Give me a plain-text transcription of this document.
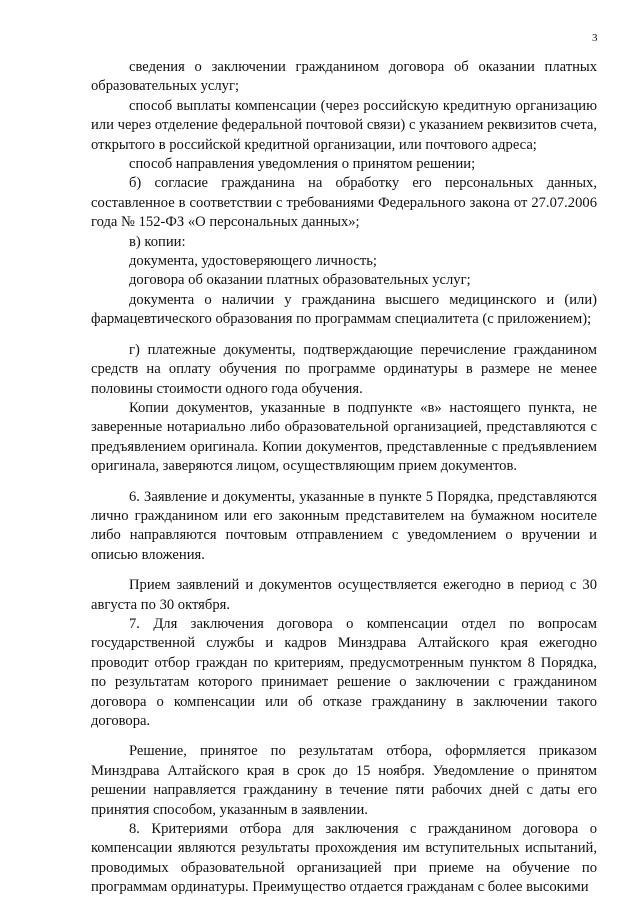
3

сведения о заключении гражданином договора об оказании платных образовательных услуг;

способ выплаты компенсации (через российскую кредитную организацию или через отделение федеральной почтовой связи) с указанием реквизитов счета, открытого в российской кредитной организации, или почтового адреса;

способ направления уведомления о принятом решении;

б) согласие гражданина на обработку его персональных данных, составленное в соответствии с требованиями Федерального закона от 27.07.2006 года № 152-ФЗ «О персональных данных»;

в) копии:

документа, удостоверяющего личность;

договора об оказании платных образовательных услуг;

документа о наличии у гражданина высшего медицинского и (или) фармацевтического образования по программам специалитета (с приложением);

г) платежные документы, подтверждающие перечисление гражданином средств на оплату обучения по программе ординатуры в размере не менее половины стоимости одного года обучения.

Копии документов, указанные в подпункте «в» настоящего пункта, не заверенные нотариально либо образовательной организацией, представляются с предъявлением оригинала. Копии документов, представленные с предъявлением оригинала, заверяются лицом, осуществляющим прием документов.

6. Заявление и документы, указанные в пункте 5 Порядка, представляются лично гражданином или его законным представителем на бумажном носителе либо направляются почтовым отправлением с уведомлением о вручении и описью вложения.

Прием заявлений и документов осуществляется ежегодно в период с 30 августа по 30 октября.

7. Для заключения договора о компенсации отдел по вопросам государственной службы и кадров Минздрава Алтайского края ежегодно проводит отбор граждан по критериям, предусмотренным пунктом 8 Порядка, по результатам которого принимает решение о заключении с гражданином договора о компенсации или об отказе гражданину в заключении такого договора.

Решение, принятое по результатам отбора, оформляется приказом Минздрава Алтайского края в срок до 15 ноября. Уведомление о принятом решении направляется гражданину в течение пяти рабочих дней с даты его принятия способом, указанным в заявлении.

8. Критериями отбора для заключения с гражданином договора о компенсации являются результаты прохождения им вступительных испытаний, проводимых образовательной организацией при приеме на обучение по программам ординатуры. Преимущество отдается гражданам с более высокими
